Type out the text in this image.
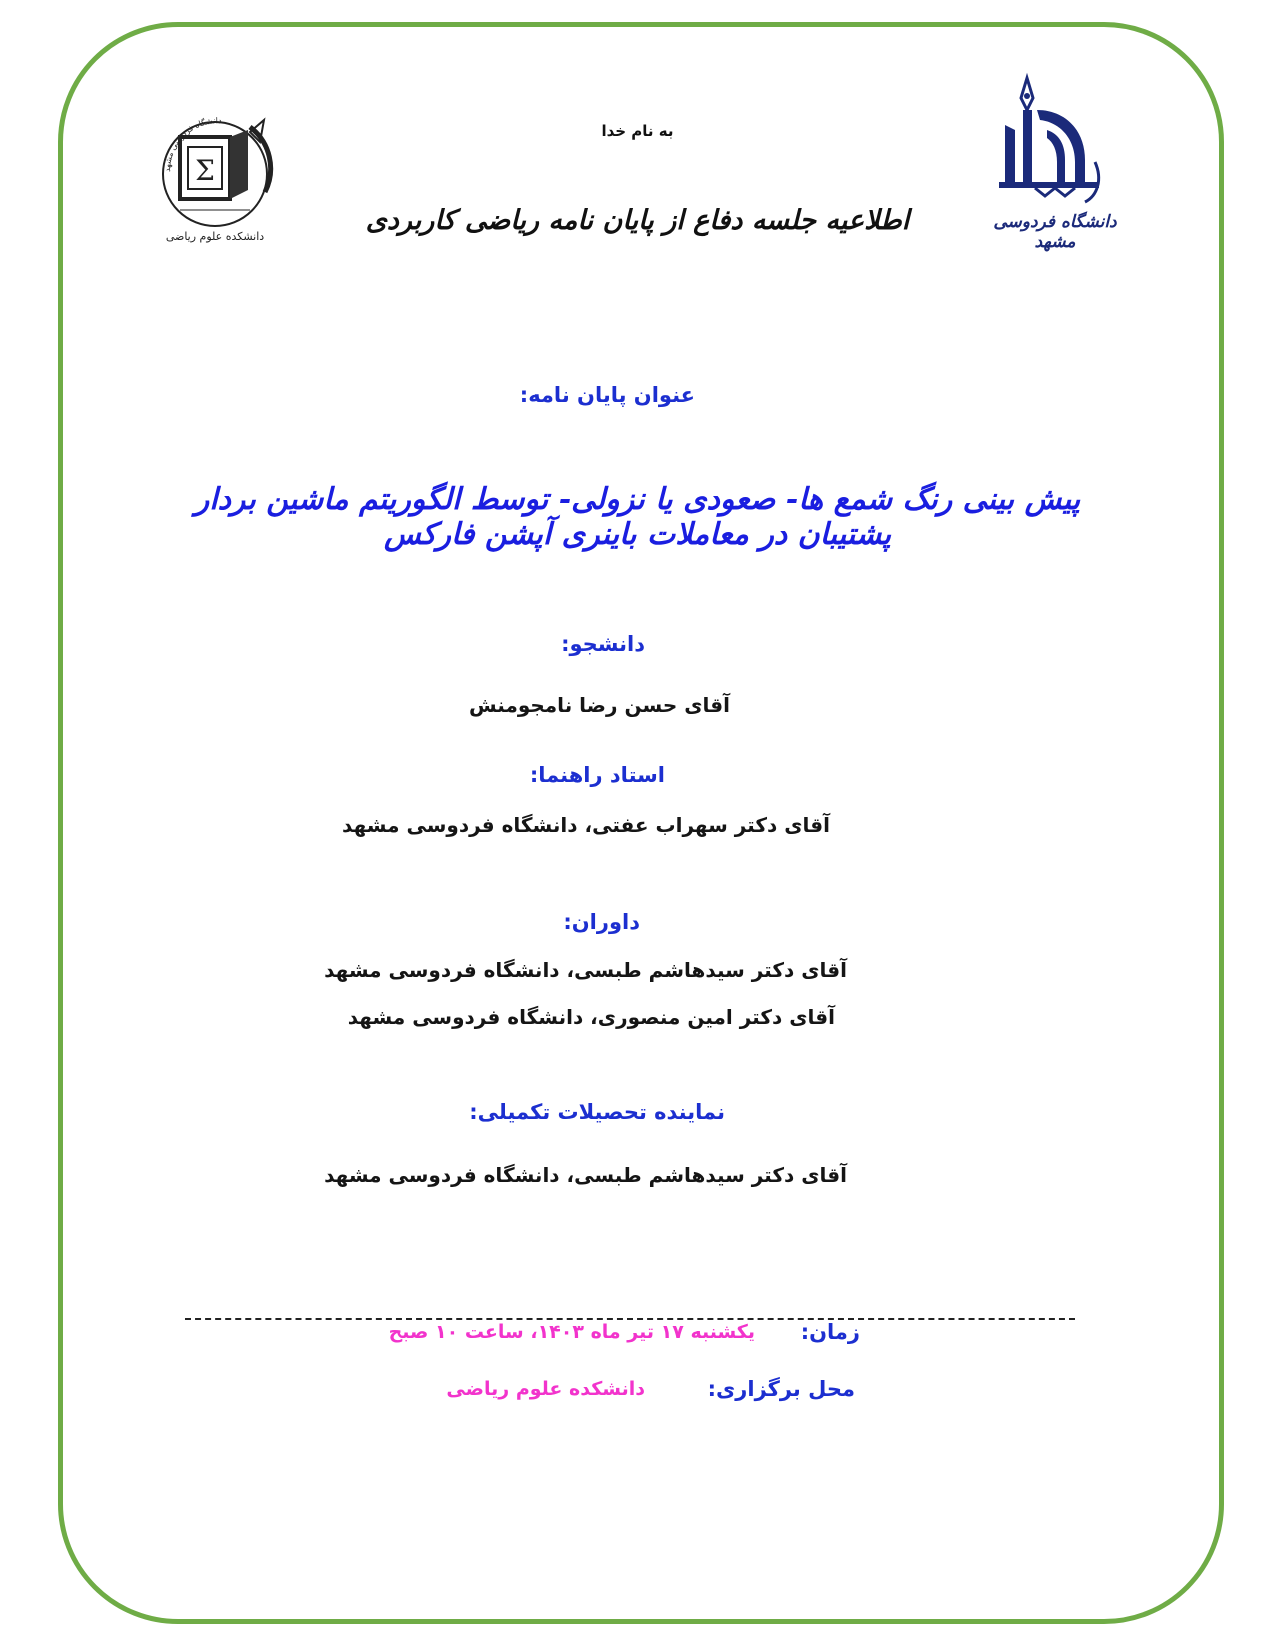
دانشگاه فردوسی مشهد
Σ
دانشکده علوم ریاضی
دانشگاه فردوسی مشهد
به نام خدا
اطلاعیه جلسه دفاع از پایان نامه ریاضی کاربردی
عنوان پایان نامه:
پیش بینی رنگ شمع ها- صعودی یا نزولی- توسط الگوریتم ماشین بردار پشتیبان در معاملات باینری آپشن فارکس
دانشجو:
آقای حسن رضا نامجومنش
استاد راهنما:
آقای دکتر سهراب عفتی، دانشگاه فردوسی مشهد
داوران:
آقای دکتر سیدهاشم طبسی، دانشگاه فردوسی مشهد
آقای دکتر امین منصوری، دانشگاه فردوسی مشهد
نماینده تحصیلات تکمیلی:
آقای دکتر سیدهاشم طبسی، دانشگاه فردوسی مشهد
زمان:
یکشنبه ۱۷ تیر ماه ۱۴۰۳، ساعت ۱۰ صبح
محل برگزاری:
دانشکده علوم ریاضی
